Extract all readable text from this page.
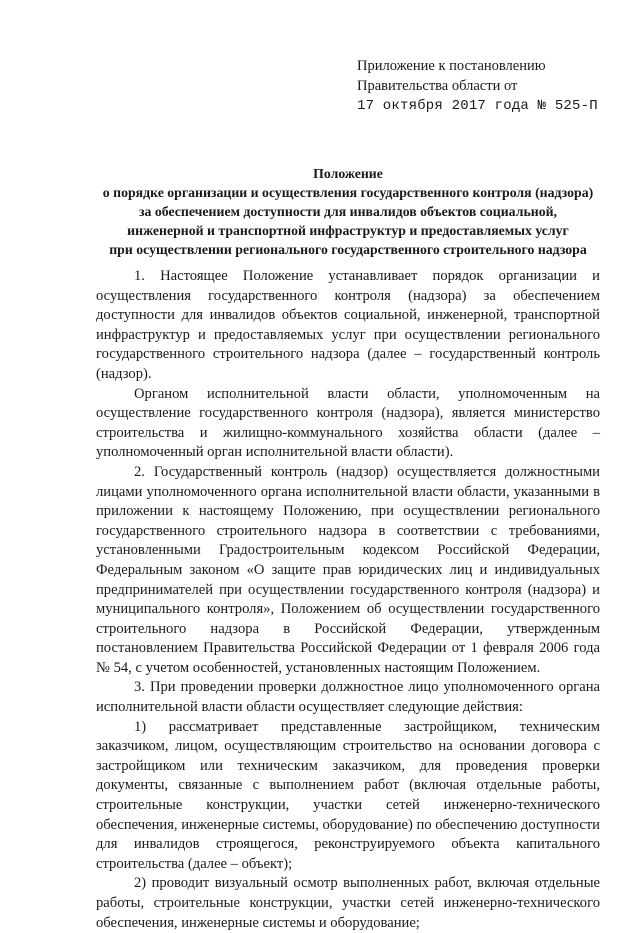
Приложение к постановлению
Правительства области от
17 октября 2017 года № 525-П
Положение
о порядке организации и осуществления государственного контроля (надзора)
за обеспечением доступности для инвалидов объектов социальной,
инженерной и транспортной инфраструктур и предоставляемых услуг
при осуществлении регионального государственного строительного надзора

1. Настоящее Положение устанавливает порядок организации и осуществления государственного контроля (надзора) за обеспечением доступности для инвалидов объектов социальной, инженерной, транспортной инфраструктур и предоставляемых услуг при осуществлении регионального государственного строительного надзора (далее – государственный контроль (надзор).

Органом исполнительной власти области, уполномоченным на осуществление государственного контроля (надзора), является министерство строительства и жилищно-коммунального хозяйства области (далее – уполномоченный орган исполнительной власти области).

2. Государственный контроль (надзор) осуществляется должностными лицами уполномоченного органа исполнительной власти области, указанными в приложении к настоящему Положению, при осуществлении регионального государственного строительного надзора в соответствии с требованиями, установленными Градостроительным кодексом Российской Федерации, Федеральным законом «О защите прав юридических лиц и индивидуальных предпринимателей при осуществлении государственного контроля (надзора) и муниципального контроля», Положением об осуществлении государственного строительного надзора в Российской Федерации, утвержденным постановлением Правительства Российской Федерации от 1 февраля 2006 года № 54, с учетом особенностей, установленных настоящим Положением.

3. При проведении проверки должностное лицо уполномоченного органа исполнительной власти области осуществляет следующие действия:

1) рассматривает представленные застройщиком, техническим заказчиком, лицом, осуществляющим строительство на основании договора с застройщиком или техническим заказчиком, для проведения проверки документы, связанные с выполнением работ (включая отдельные работы, строительные конструкции, участки сетей инженерно-технического обеспечения, инженерные системы, оборудование) по обеспечению доступности для инвалидов строящегося, реконструируемого объекта капитального строительства (далее – объект);

2) проводит визуальный осмотр выполненных работ, включая отдельные работы, строительные конструкции, участки сетей инженерно-технического обеспечения, инженерные системы и оборудование;
